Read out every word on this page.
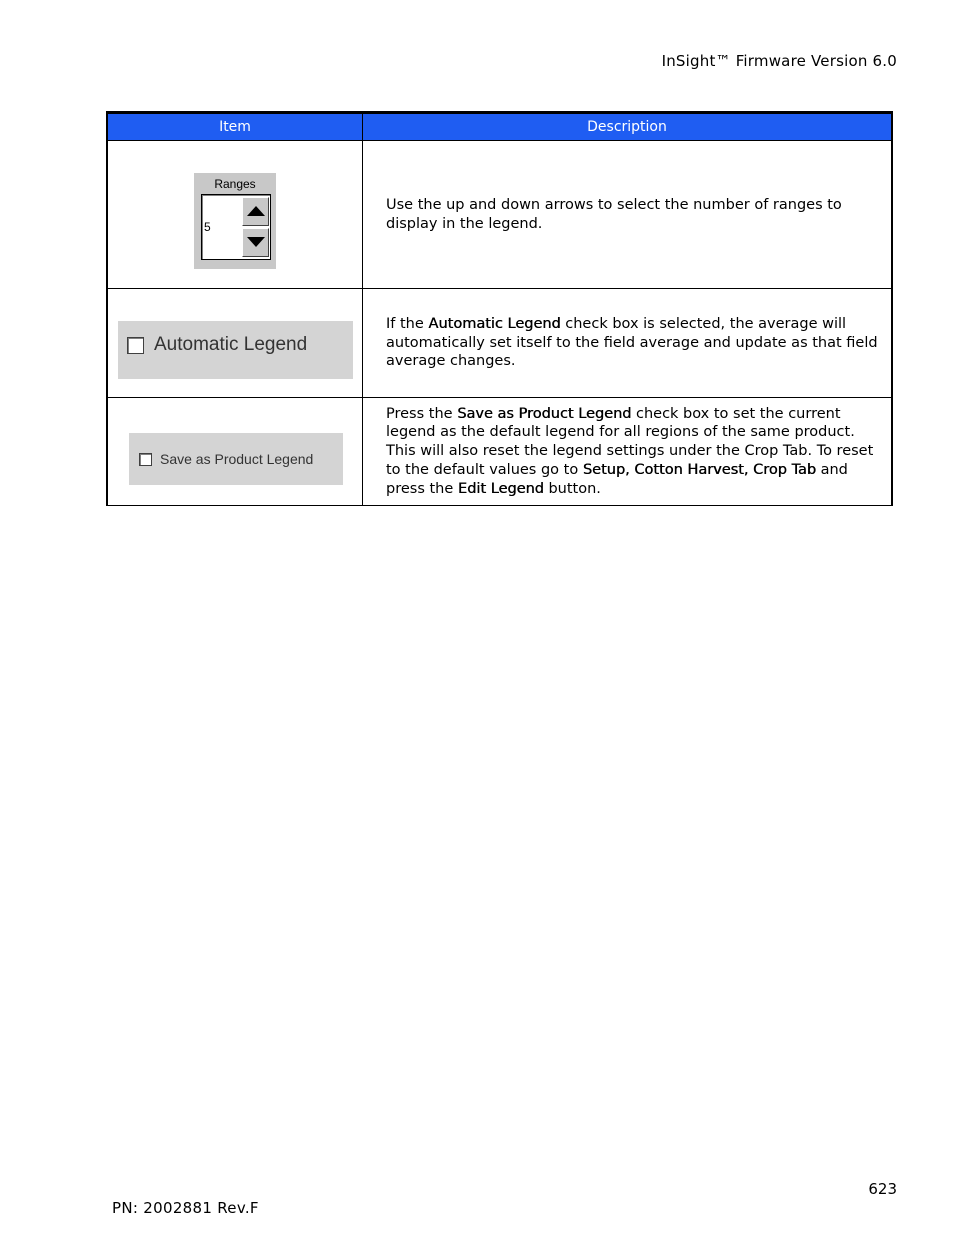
InSight™ Firmware Version 6.0
Item	Description

Ranges
5	Use the up and down arrows to select the number of ranges to display in the legend.

Automatic Legend	If the Automatic Legend check box is selected, the average will automatically set itself to the field average and update as that field average changes.

Save as Product Legend	Press the Save as Product Legend check box to set the current legend as the default legend for all regions of the same product. This will also reset the legend settings under the Crop Tab. To reset to the default values go to Setup, Cotton Harvest, Crop Tab and press the Edit Legend button.
623
PN: 2002881 Rev.F
